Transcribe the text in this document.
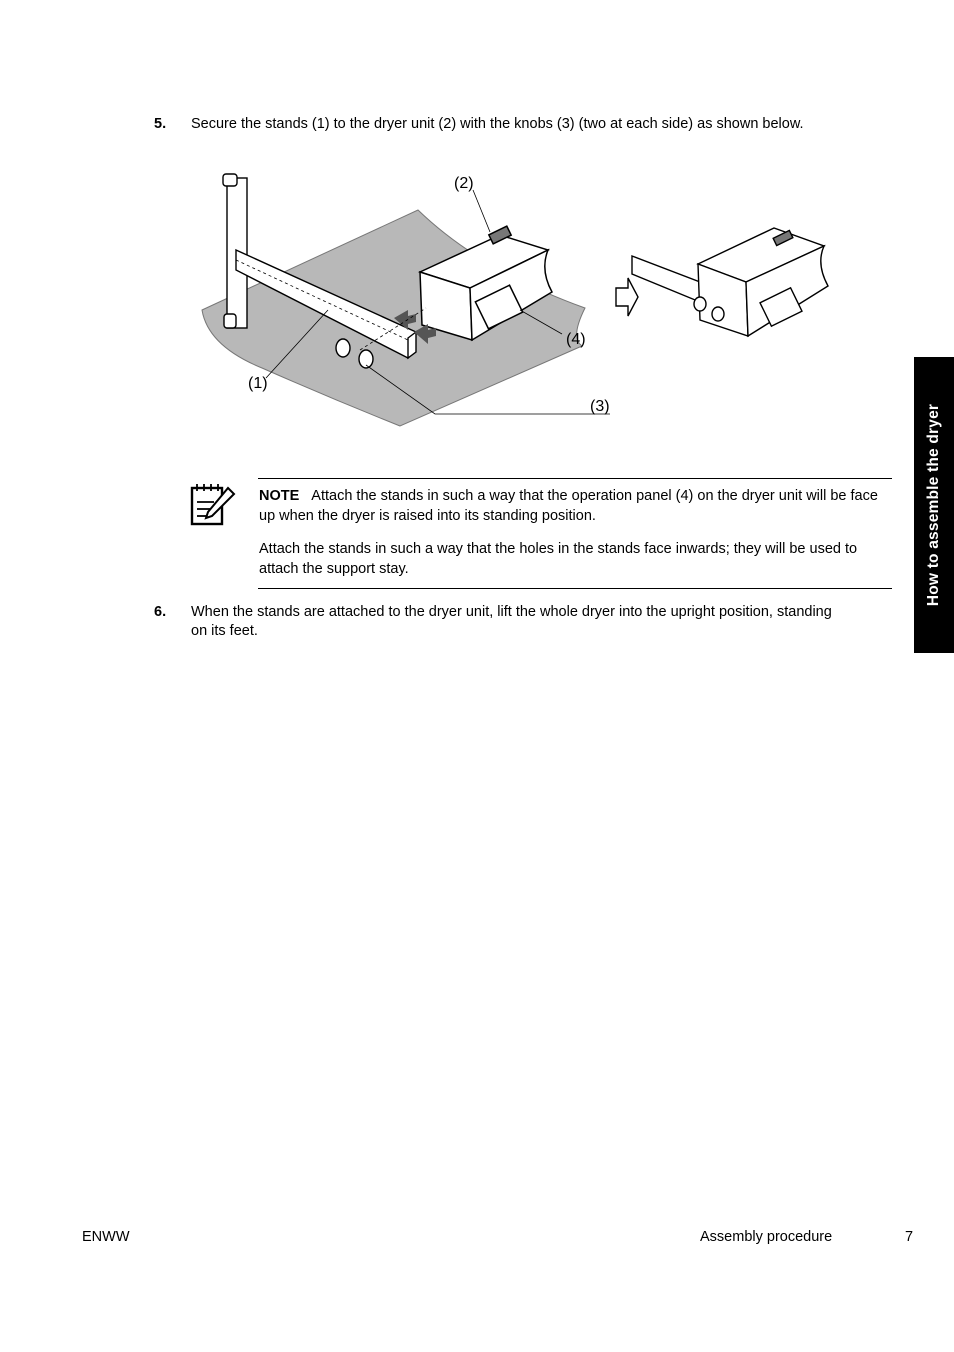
5.	Secure the stands (1) to the dryer unit (2) with the knobs (3) (two at each side) as shown below.
(2)
(4)
(1)
(3)
NOTE Attach the stands in such a way that the operation panel (4) on the dryer unit will be face up when the dryer is raised into its standing position.
Attach the stands in such a way that the holes in the stands face inwards; they will be used to attach the support stay.
6.	When the stands are attached to the dryer unit, lift the whole dryer into the upright position, standing on its feet.
How to assemble the dryer
ENWW	Assembly procedure	7
